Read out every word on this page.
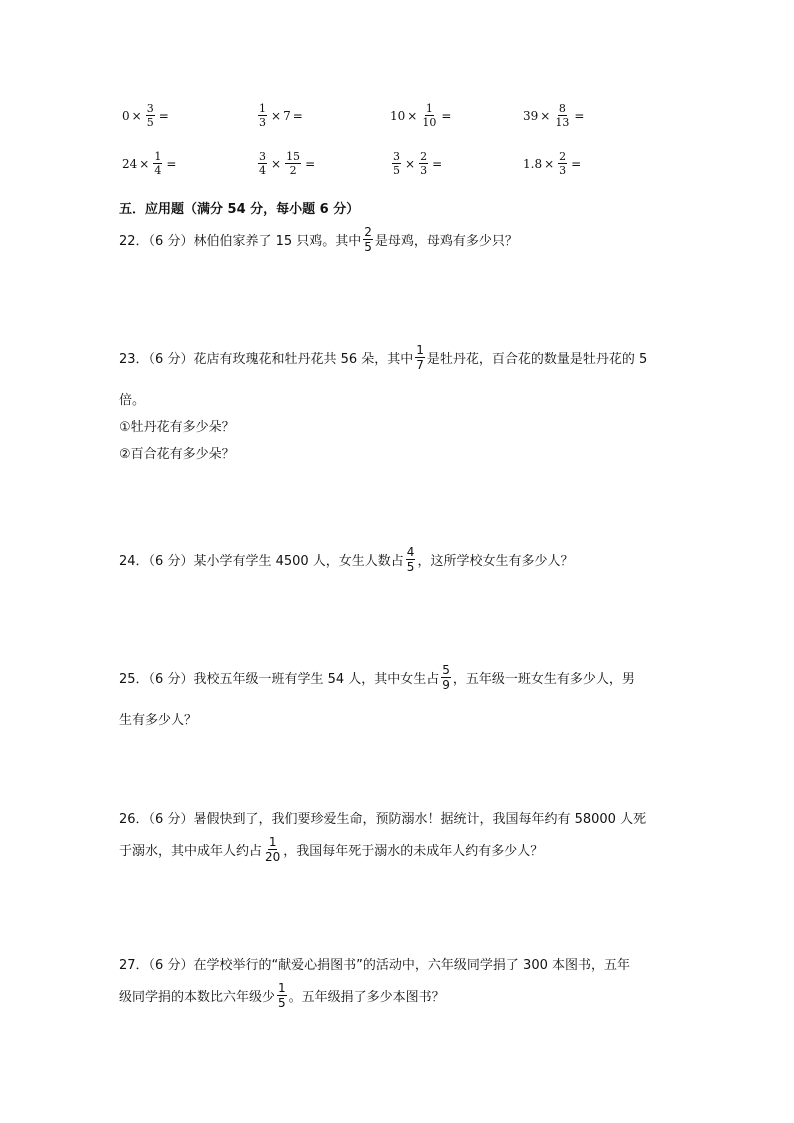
$0 \times \frac{3}{5}$ =	$\frac{1}{3} \times 7$ =	$10 \times \frac{1}{10}$ =	$39 \times \frac{8}{13}$ =
$24 \times \frac{1}{4}$ =	$\frac{3}{4} \times \frac{15}{2}$ =	$\frac{3}{5} \times \frac{2}{3}$ =	$1.8 \times \frac{2}{3}$ =
五．应用题（满分 54 分，每小题 6 分）
22．（6 分）林伯伯家养了 15 只鸡。其中 $\frac{2}{5}$ 是母鸡，母鸡有多少只？
23．（6 分）花店有玫瑰花和牡丹花共 56 朵，其中 $\frac{1}{7}$ 是牡丹花，百合花的数量是牡丹花的 5
倍。
①牡丹花有多少朵？
②百合花有多少朵？
24．（6 分）某小学有学生 4500 人，女生人数占 $\frac{4}{5}$ ，这所学校女生有多少人？
25．（6 分）我校五年级一班有学生 54 人，其中女生占 $\frac{5}{9}$ ，五年级一班女生有多少人，男
生有多少人？
26．（6 分）暑假快到了，我们要珍爱生命，预防溺水！据统计，我国每年约有 58000 人死
于溺水，其中成年人约占 $\frac{1}{20}$ ，我国每年死于溺水的未成年人约有多少人？
27．（6 分）在学校举行的“献爱心捐图书”的活动中，六年级同学捐了 300 本图书，五年
级同学捐的本数比六年级少 $\frac{1}{5}$ 。五年级捐了多少本图书？
